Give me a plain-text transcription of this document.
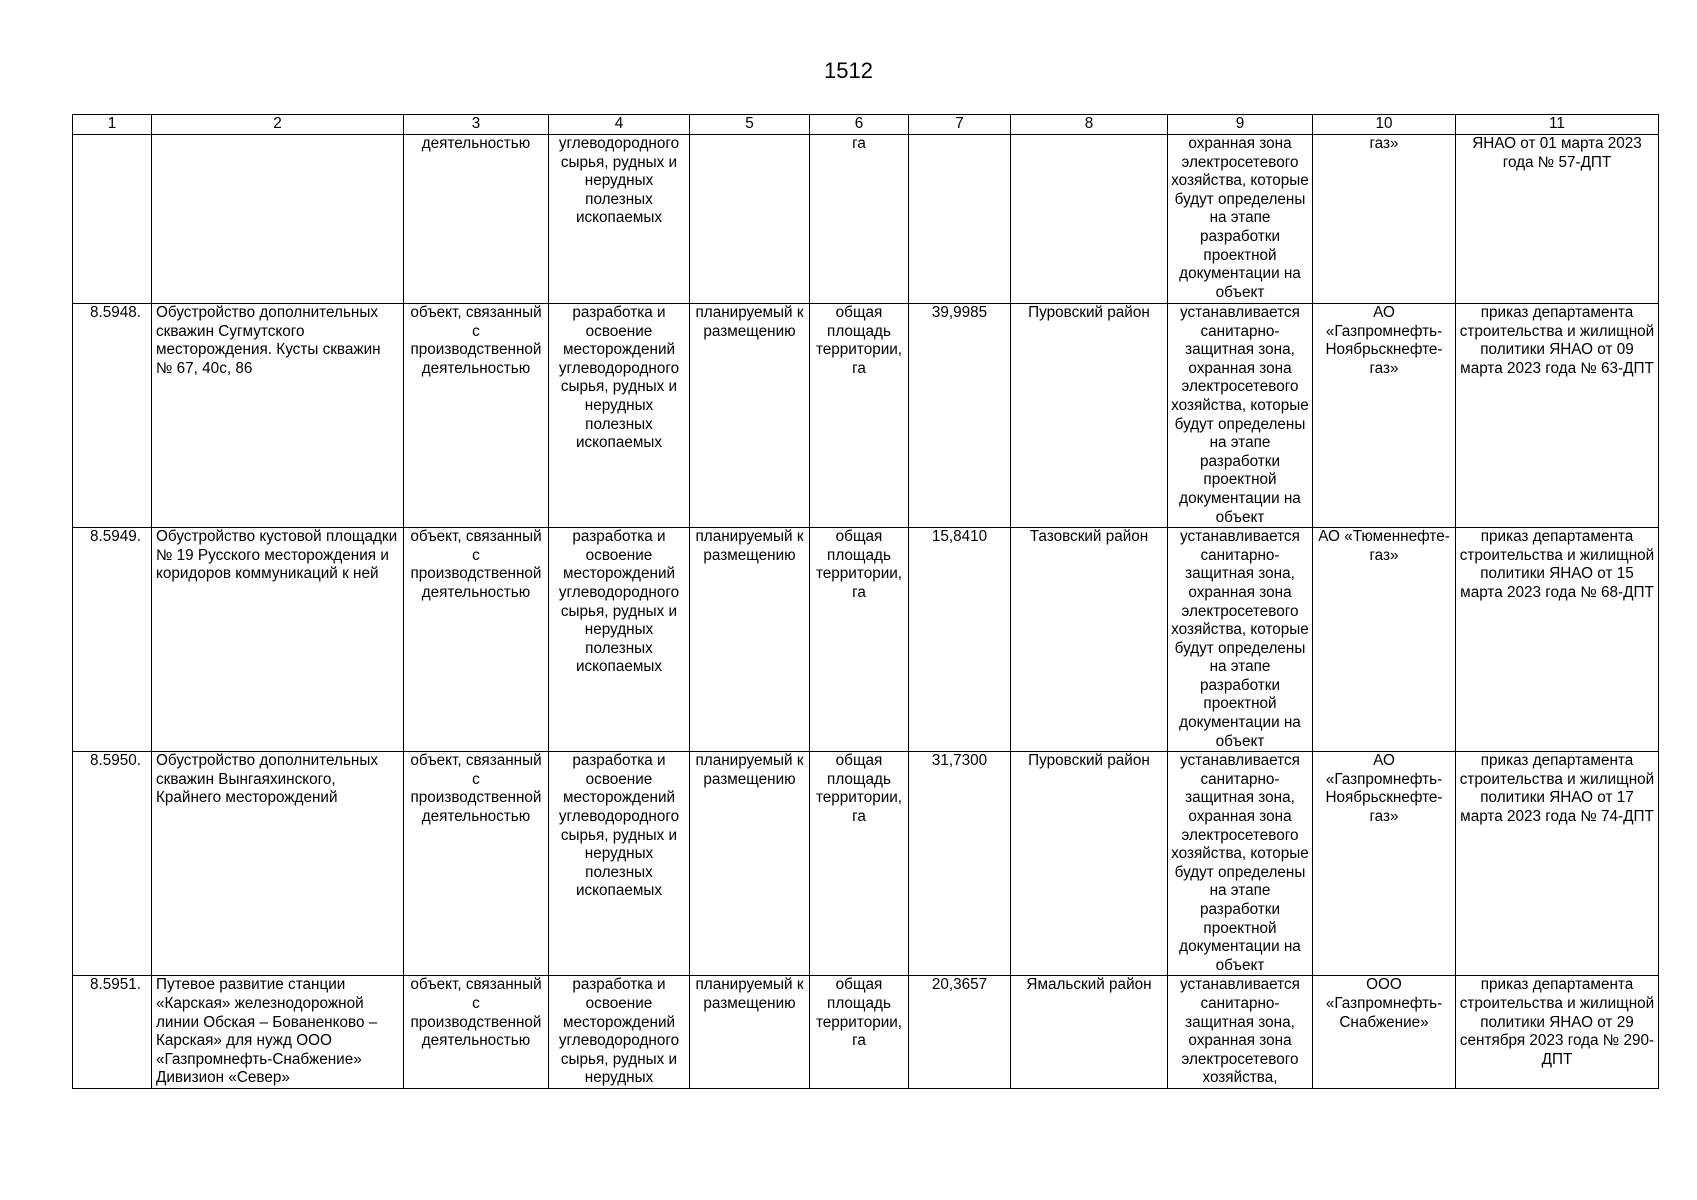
1512
1	2	3	4	5	6	7	8	9	10	11
		деятельностью	углеводородного сырья, рудных и нерудных полезных ископаемых		га			охранная зона электросетевого хозяйства, которые будут определены на этапе разработки проектной документации на объект	газ»	ЯНАО от 01 марта 2023 года № 57-ДПТ
8.5948.	Обустройство дополнительных скважин Сугмутского месторождения. Кусты скважин № 67, 40с, 86	объект, связанный с производственной деятельностью	разработка и освоение месторождений углеводородного сырья, рудных и нерудных полезных ископаемых	планируемый к размещению	общая площадь территории, га	39,9985	Пуровский район	устанавливается санитарно-защитная зона, охранная зона электросетевого хозяйства, которые будут определены на этапе разработки проектной документации на объект	АО «Газпромнефть-Ноябрьскнефте-газ»	приказ департамента строительства и жилищной политики ЯНАО от 09 марта 2023 года № 63-ДПТ
8.5949.	Обустройство кустовой площадки № 19 Русского месторождения и коридоров коммуникаций к ней	объект, связанный с производственной деятельностью	разработка и освоение месторождений углеводородного сырья, рудных и нерудных полезных ископаемых	планируемый к размещению	общая площадь территории, га	15,8410	Тазовский район	устанавливается санитарно-защитная зона, охранная зона электросетевого хозяйства, которые будут определены на этапе разработки проектной документации на объект	АО «Тюменнефте-газ»	приказ департамента строительства и жилищной политики ЯНАО от 15 марта 2023 года № 68-ДПТ
8.5950.	Обустройство дополнительных скважин Вынгаяхинского, Крайнего месторождений	объект, связанный с производственной деятельностью	разработка и освоение месторождений углеводородного сырья, рудных и нерудных полезных ископаемых	планируемый к размещению	общая площадь территории, га	31,7300	Пуровский район	устанавливается санитарно-защитная зона, охранная зона электросетевого хозяйства, которые будут определены на этапе разработки проектной документации на объект	АО «Газпромнефть-Ноябрьскнефте-газ»	приказ департамента строительства и жилищной политики ЯНАО от 17 марта 2023 года № 74-ДПТ
8.5951.	Путевое развитие станции «Карская» железнодорожной линии Обская – Бованенково – Карская» для нужд ООО «Газпромнефть-Снабжение» Дивизион «Север»	объект, связанный с производственной деятельностью	разработка и освоение месторождений углеводородного сырья, рудных и нерудных	планируемый к размещению	общая площадь территории, га	20,3657	Ямальский район	устанавливается санитарно-защитная зона, охранная зона электросетевого хозяйства,	ООО «Газпромнефть-Снабжение»	приказ департамента строительства и жилищной политики ЯНАО от 29 сентября 2023 года № 290-ДПТ
